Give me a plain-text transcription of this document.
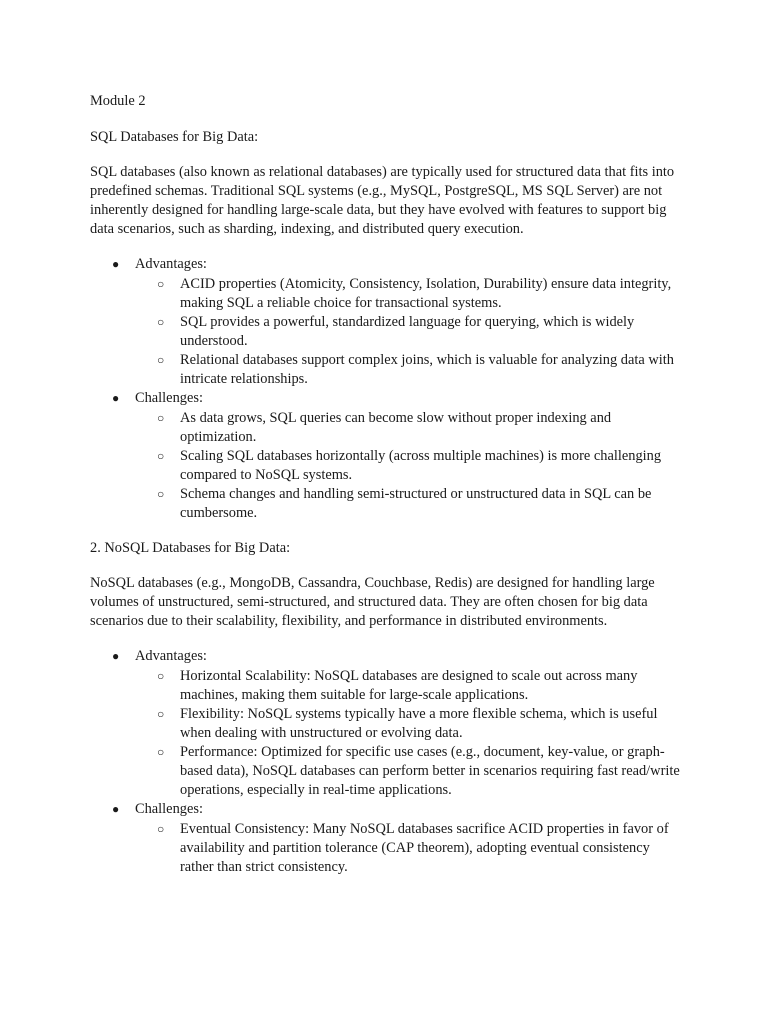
Module 2

SQL Databases for Big Data:

SQL databases (also known as relational databases) are typically used for structured data that fits into predefined schemas. Traditional SQL systems (e.g., MySQL, PostgreSQL, MS SQL Server) are not inherently designed for handling large-scale data, but they have evolved with features to support big data scenarios, such as sharding, indexing, and distributed query execution.

● Advantages:
○ ACID properties (Atomicity, Consistency, Isolation, Durability) ensure data integrity, making SQL a reliable choice for transactional systems.
○ SQL provides a powerful, standardized language for querying, which is widely understood.
○ Relational databases support complex joins, which is valuable for analyzing data with intricate relationships.
● Challenges:
○ As data grows, SQL queries can become slow without proper indexing and optimization.
○ Scaling SQL databases horizontally (across multiple machines) is more challenging compared to NoSQL systems.
○ Schema changes and handling semi-structured or unstructured data in SQL can be cumbersome.

2. NoSQL Databases for Big Data:

NoSQL databases (e.g., MongoDB, Cassandra, Couchbase, Redis) are designed for handling large volumes of unstructured, semi-structured, and structured data. They are often chosen for big data scenarios due to their scalability, flexibility, and performance in distributed environments.

● Advantages:
○ Horizontal Scalability: NoSQL databases are designed to scale out across many machines, making them suitable for large-scale applications.
○ Flexibility: NoSQL systems typically have a more flexible schema, which is useful when dealing with unstructured or evolving data.
○ Performance: Optimized for specific use cases (e.g., document, key-value, or graph-based data), NoSQL databases can perform better in scenarios requiring fast read/write operations, especially in real-time applications.
● Challenges:
○ Eventual Consistency: Many NoSQL databases sacrifice ACID properties in favor of availability and partition tolerance (CAP theorem), adopting eventual consistency rather than strict consistency.
